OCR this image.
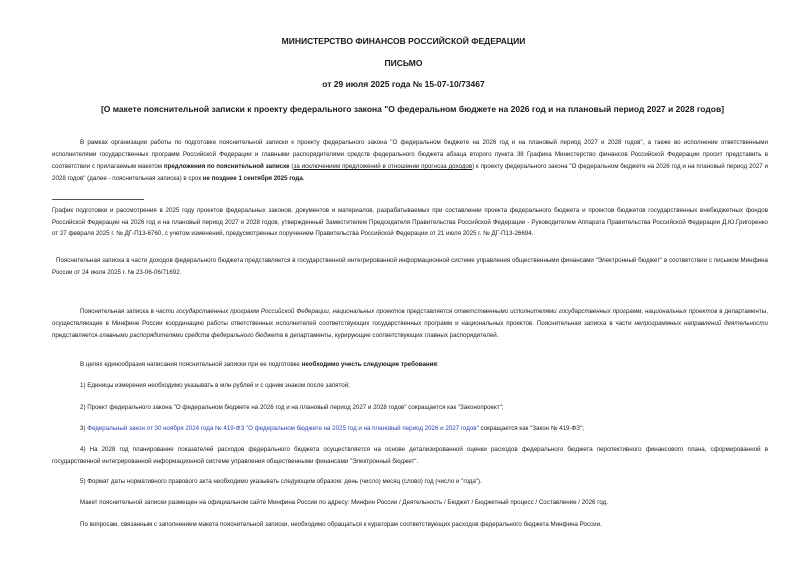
МИНИСТЕРСТВО ФИНАНСОВ РОССИЙСКОЙ ФЕДЕРАЦИИ
ПИСЬМО
от 29 июля 2025 года № 15-07-10/73467
[О макете пояснительной записки к проекту федерального закона "О федеральном бюджете на 2026 год и на плановый период 2027 и 2028 годов]
В рамках организации работы по подготовке пояснительной записки к проекту федерального закона "О федеральном бюджете на 2026 год и на плановый период 2027 и 2028 годов", а также во исполнение ответственными исполнителями государственных программ Российской Федерации и главными распорядителями средств федерального бюджета абзаца второго пункта 38 Графика Министерство финансов Российской Федерации просит представить в соответствии с прилагаемым макетом предложения по пояснительной записке (за исключением предложений в отношении прогноза доходов) к проекту федерального закона "О федеральном бюджете на 2026 год и на плановый период 2027 и 2028 годов" (далее - пояснительная записка) в срок не позднее 1 сентября 2025 года.
График подготовки и рассмотрения в 2025 году проектов федеральных законов, документов и материалов, разрабатываемых при составлении проекта федерального бюджета и проектов бюджетов государственных внебюджетных фондов Российской Федерации на 2026 год и на плановый период 2027 и 2028 годов, утвержденный Заместителем Председателя Правительства Российской Федерации - Руководителем Аппарата Правительства Российской Федерации Д.Ю.Григоренко от 27 февраля 2025 г. № ДГ-П13-6760, с учетом изменений, предусмотренных поручением Правительства Российской Федерации от 21 июля 2025 г. № ДГ-П13-26694.
Пояснительная записка в части доходов федерального бюджета представляется в государственной интегрированной информационной системе управления общественными финансами "Электронный бюджет" в соответствии с письмом Минфина России от 24 июля 2025 г. № 23-06-06/71692.
Пояснительная записка в части государственных программ Российской Федерации, национальных проектов представляется ответственными исполнителями государственных программ, национальных проектов в департаменты, осуществляющие в Минфине России координацию работы ответственных исполнителей соответствующих государственных программ и национальных проектов. Пояснительная записка в части непрограммных направлений деятельности представляется главными распорядителями средств федерального бюджета в департаменты, курирующие соответствующих главных распорядителей.
В целях единообразия написания пояснительной записки при ее подготовке необходимо учесть следующие требования:
1) Единицы измерения необходимо указывать в млн рублей и с одним знаком после запятой;
2) Проект федерального закона "О федеральном бюджете на 2026 год и на плановый период 2027 и 2028 годов" сокращается как "Законопроект";
3) Федеральный закон от 30 ноября 2024 года № 419-ФЗ "О федеральном бюджете на 2025 год и на плановый период 2026 и 2027 годов" сокращается как "Закон № 419-ФЗ";
4) На 2028 год планирование показателей расходов федерального бюджета осуществляется на основе детализированной оценки расходов федерального бюджета перспективного финансового плана, сформированной в государственной интегрированной информационной системе управления общественными финансами "Электронный бюджет".
5) Формат даты нормативного правового акта необходимо указывать следующим образом: день (число) месяц (слово) год (число и "года").
Макет пояснительной записки размещен на официальном сайте Минфина России по адресу: Минфин России / Деятельность / Бюджет / Бюджетный процесс / Составление / 2026 год.
По вопросам, связанным с заполнением макета пояснительной записки, необходимо обращаться к кураторам соответствующих расходов федерального бюджета Минфина России.
